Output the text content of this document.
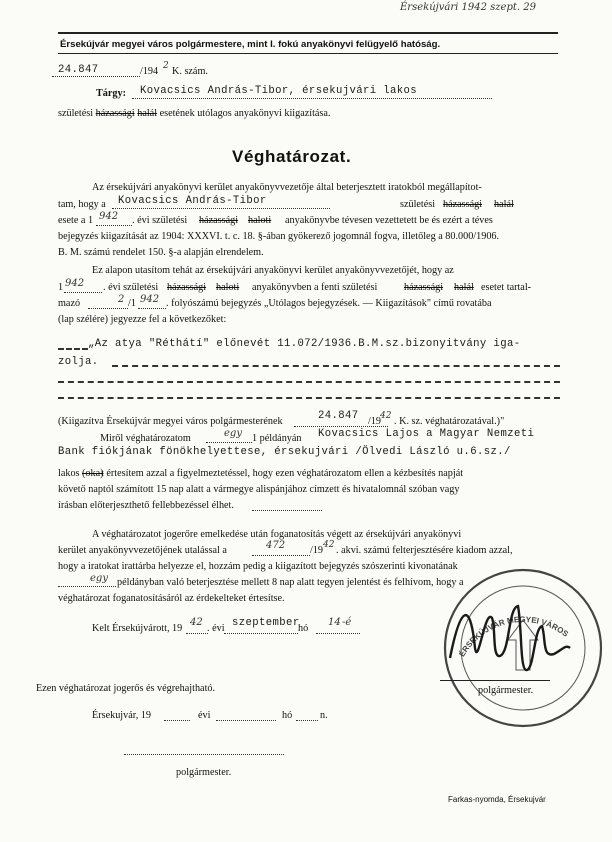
Érsekújvári 1942 szept. 29
Érsekújvár megyei város polgármestere, mint I. fokú anyakönyvi felügyelő hatóság.
24.847	/194 2 K. szám.
Tárgy: Kovacsics András-Tibor, érsekujvári lakos
születési házassági halál esetének utólagos anyakönyvi kiigazítása.
Véghatározat.
Az érsekújvári anyakönyvi kerület anyakönyvvezetője által beterjesztett iratokból megállapítot-
tam, hogy a Kovacsics András-Tibor	születési házassági halál
esete a 1 942 . évi születési házassági haloti anyakönyvbe tévesen vezettetett be és ezért a téves
bejegyzés kiigazítását az 1904: XXXVI. t. c. 18. §-ában gyökerező jogomnál fogva, illetőleg a 80.000/1906.
B. M. számú rendelet 150. §-a alapján elrendelem.
Ez alapon utasítom tehát az érsekújvári anyakönyvi kerület anyakönyvvezetőjét, hogy az
1 942 . évi születési házassági haloti anyakönyvben a fenti születési	házassági halál esetet tartal-
mazó	2 /1 942 . folyószámú bejegyzés „Utólagos bejegyzések. — Kiigazítások" című rovatába
(lap szélére) jegyezze fel a következőket:
„Az atya "Réthátí" előnevét 11.072/1936.B.M.sz.bizonyitvány iga-
zolja.
(Kiigazítva Érsekújvár megyei város polgármesterének	24.847 /19
42 . K. sz. véghatározatával.)"
Miről véghatározatom	egy 1 példányán Kovacsics Lajos a Magyar Nemzeti
Bank fiókjának fönökhelyettese, érsekujvári /Ölvedi László u.6.sz./
lakos (oka)
t értesítem azzal a figyelmeztetéssel, hogy ezen véghatározatom ellen a kézbesítés napját
követő naptól számított 15 nap alatt a vármegye alispánjához címzett és hivatalomnál szóban vagy
írásban előterjeszthető fellebbezéssel élhet.
A véghatározatot jogerőre emelkedése után foganatosítás végett az érsekújvári anyakönyvi
kerület anyakönyvvezetőjének utalással a	472 /19 42 . akvi. számú felterjesztésére kiadom azzal,
hogy a iratokat irattárba helyezze el, hozzám pedig a kiigazított bejegyzés szószerinti kivonatának
egy példányban való beterjesztése mellett 8 nap alatt tegyen jelentést és felhívom, hogy a
véghatározat foganatosításáról az érdekelteket értesítse.
Kelt Érsekújvárott, 19
42
. évi szeptember
hó
14 -é
ÉRSEKÚJVÁR MEGYEI VÁROS
polgármester.
Ezen véghatározat jogerős és végrehajtható.
Érsekujvár, 19	évi	hó	n.
polgármester.
Farkas-nyomda, Érsekujvár
